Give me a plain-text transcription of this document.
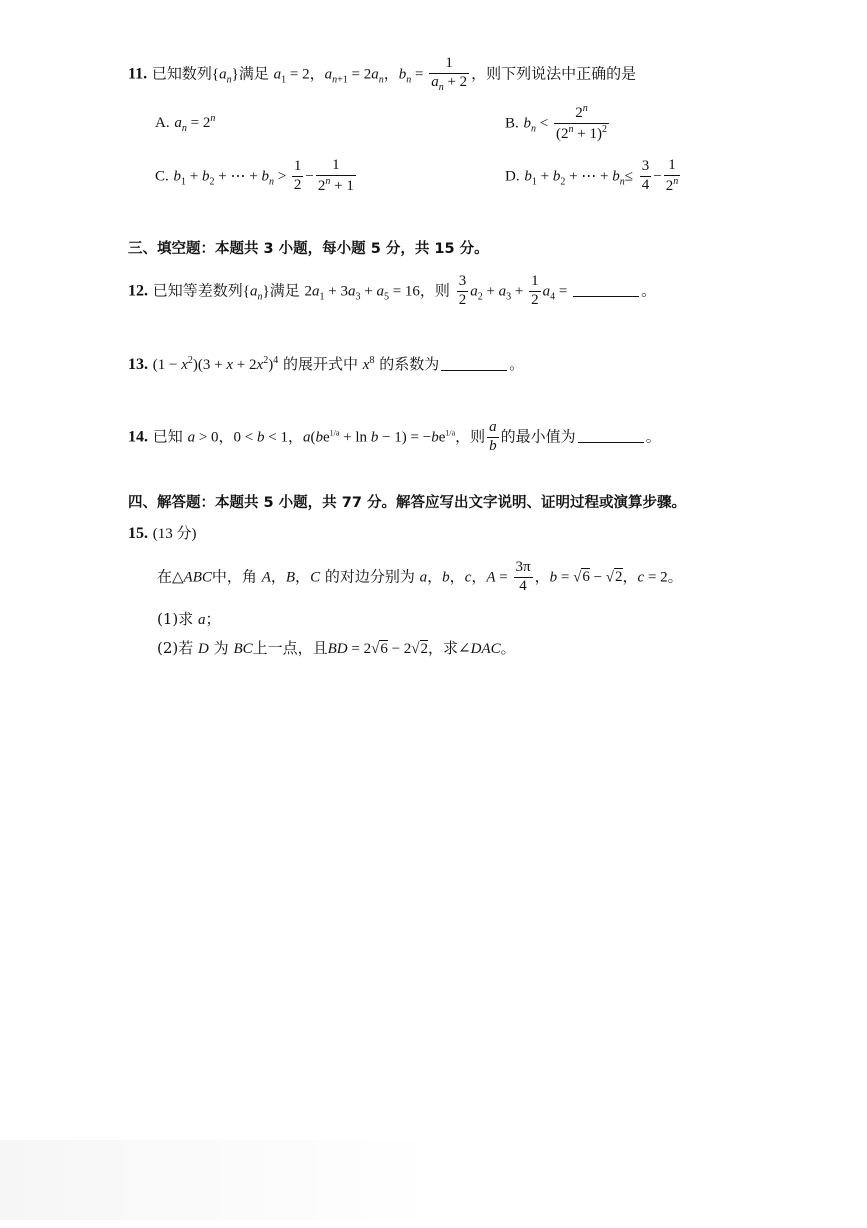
11. 已知数列$\{a_n\}$满足 $a_1 = 2$，$a_{n+1} = 2a_n$，$b_n = \frac{1}{a_n + 2}$ ，则下列说法中正确的是
A. $a_n = 2^n$	B. $b_n < \frac{2^n}{(2^n + 1)^2}$
C. $b_1 + b_2$ + ⋯ + $b_n > \frac{1}{2} - \frac{1}{2^n + 1}$	D. $b_1 + b_2$ + ⋯ + $b_n\le \frac{3}{4} - \frac{1}{2^n}$
三、填空题：本题共 3 小题，每小题 5 分，共 15 分。
12. 已知等差数列$\{a_n\}$满足 $2a_1 + 3a_3 + a_5 = 16$，则 $\frac{3}{2} a_2 + a_3 + \frac{1}{2} a_4$ =	。
13. $(1 - x^2)(3 + x + 2x^2)^4$ 的展开式中 $x^8$ 的系数为	。
14. 已知 a > 0，0 < b < 1，$a(be^{1/a} + \ln b - 1) = -be^{1/a}$，则 $\frac{a}{b}$ 的最小值为	。
四、解答题：本题共 5 小题，共 77 分。解答应写出文字说明、证明过程或演算步骤。
15. (13 分)
在△ABC中，角 A，B，C 的对边分别为 a，b，c，$A = \frac{3\pi}{4}$ ，b = √6 − √2，c = 2。
(1)求 a；
(2)若 D 为 BC上一点，且BD = 2√6 − 2√2，求∠DAC。
